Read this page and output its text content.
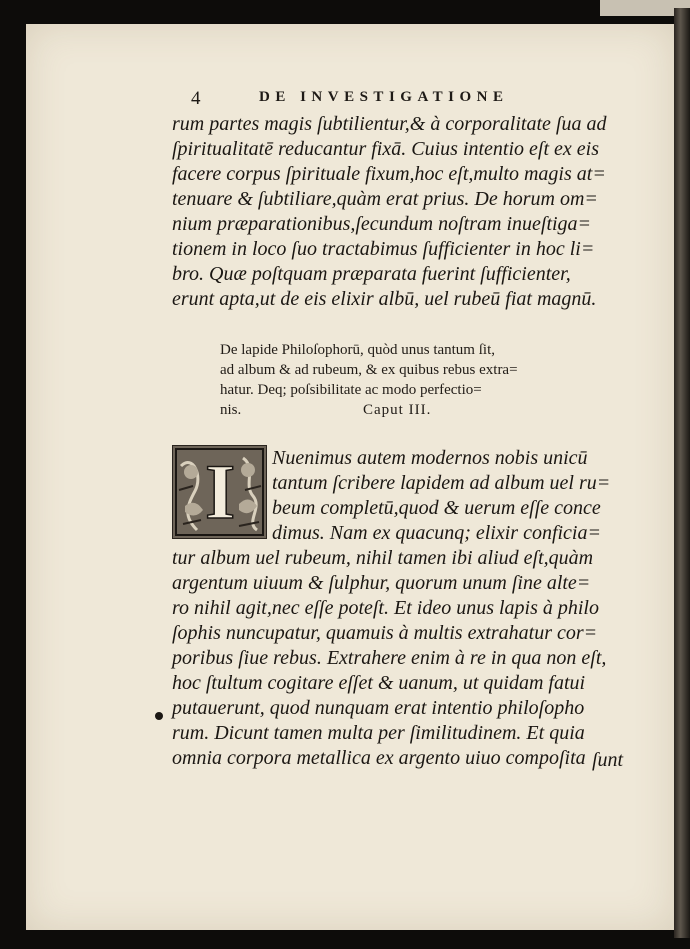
4	DE INVESTIGATIONE
rum partes magis ſubtilientur,& à corporalitate ſua ad
ſpiritualitatē reducantur fixā. Cuius intentio eſt ex eis
facere corpus ſpirituale fixum,hoc eſt,multo magis at=
tenuare & ſubtiliare,quàm erat prius. De horum om=
nium præparationibus,ſecundum noſtram inueſtiga=
tionem in loco ſuo tractabimus ſufficienter in hoc li=
bro. Quæ poſtquam præparata fuerint ſufficienter,
erunt apta,ut de eis elixir albū, uel rubeū fiat magnū.
De lapide Philoſophorū, quòd unus tantum ſit,
ad album & ad rubeum, & ex quibus rebus extra=
hatur. Deq; poſsibilitate ac modo perfectio=
nis.	Caput III.
I Nuenimus autem modernos nobis unicū
tantum ſcribere lapidem ad album uel ru=
beum completū,quod & uerum eſſe conce
dimus. Nam ex quacunq; elixir conficia=
tur album uel rubeum, nihil tamen ibi aliud eſt,quàm
argentum uiuum & ſulphur, quorum unum ſine alte=
ro nihil agit,nec eſſe poteſt. Et ideo unus lapis à philo
ſophis nuncupatur, quamuis à multis extrahatur cor=
poribus ſiue rebus. Extrahere enim à re in qua non eſt,
hoc ſtultum cogitare eſſet & uanum, ut quidam fatui
putauerunt, quod nunquam erat intentio philoſopho
rum. Dicunt tamen multa per ſimilitudinem. Et quia
omnia corpora metallica ex argento uiuo compoſita ſunt
